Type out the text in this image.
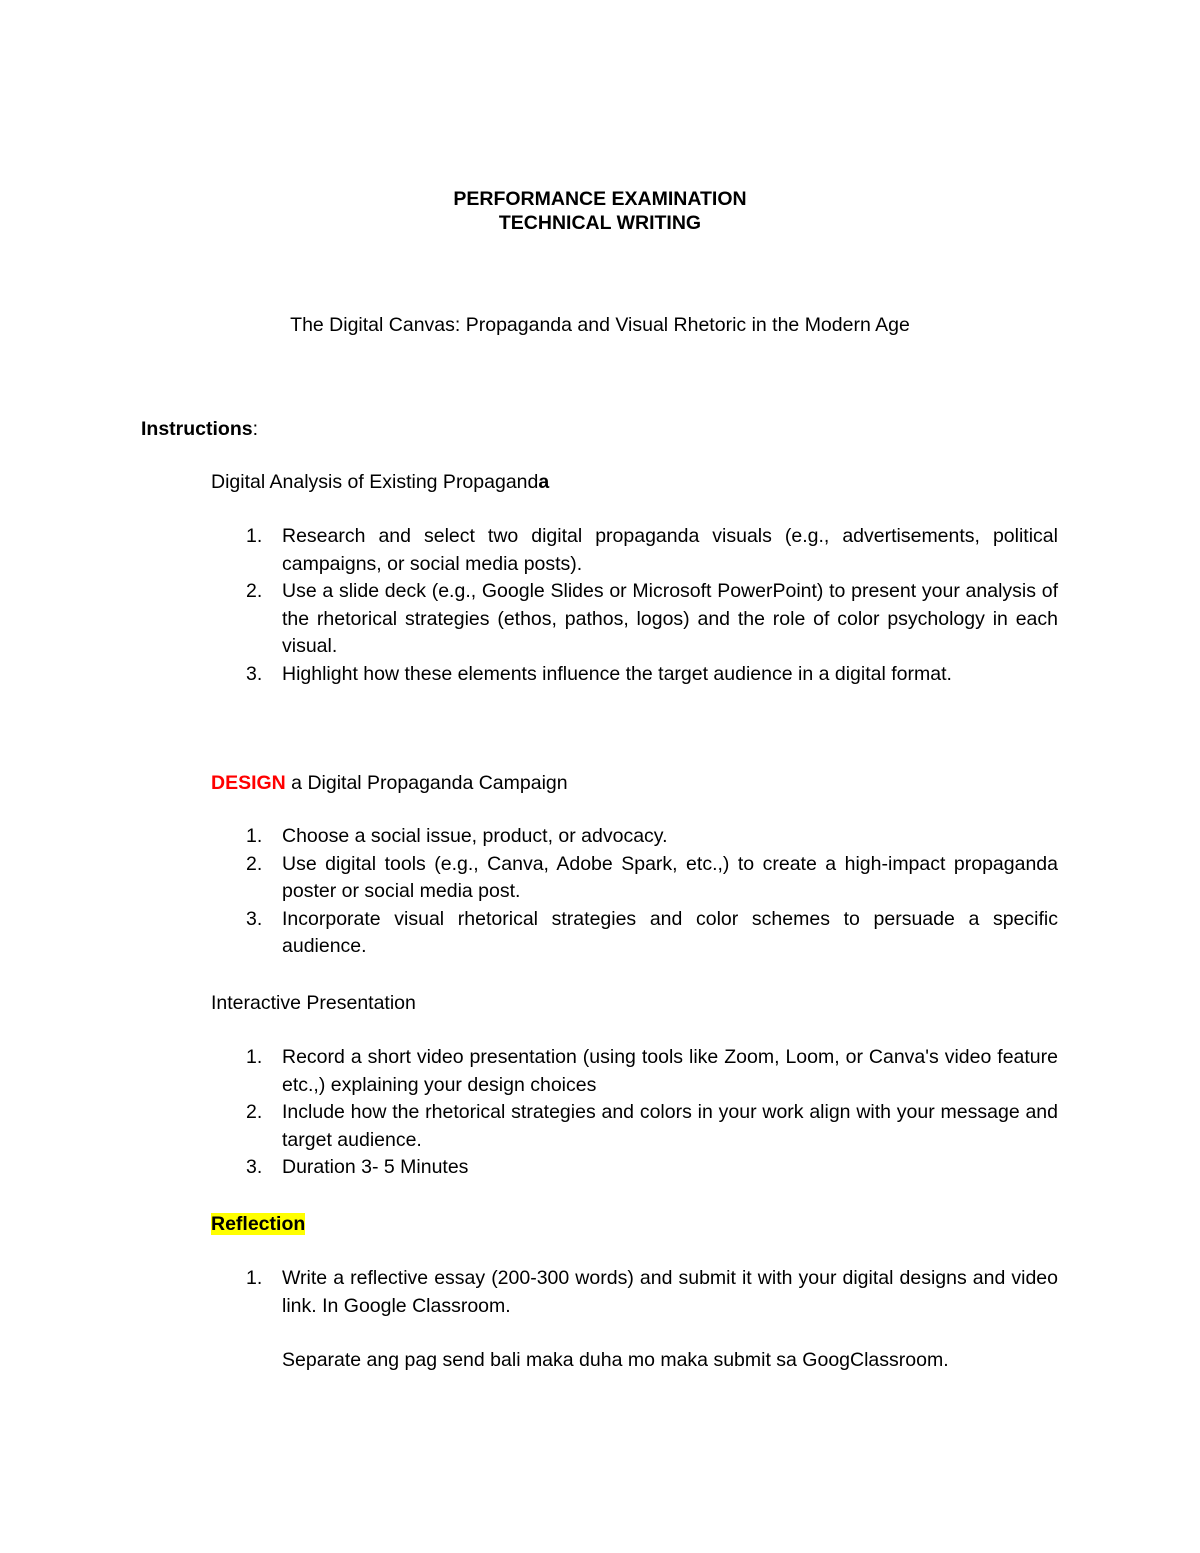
PERFORMANCE EXAMINATION
TECHNICAL WRITING
The Digital Canvas: Propaganda and Visual Rhetoric in the Modern Age
Instructions:
Digital Analysis of Existing Propaganda
1. Research and select two digital propaganda visuals (e.g., advertisements, political campaigns, or social media posts).
2. Use a slide deck (e.g., Google Slides or Microsoft PowerPoint) to present your analysis of the rhetorical strategies (ethos, pathos, logos) and the role of color psychology in each visual.
3. Highlight how these elements influence the target audience in a digital format.
DESIGN a Digital Propaganda Campaign
1. Choose a social issue, product, or advocacy.
2. Use digital tools (e.g., Canva, Adobe Spark, etc.,) to create a high-impact propaganda poster or social media post.
3. Incorporate visual rhetorical strategies and color schemes to persuade a specific audience.
Interactive Presentation
1. Record a short video presentation (using tools like Zoom, Loom, or Canva's video feature etc.,) explaining your design choices
2. Include how the rhetorical strategies and colors in your work align with your message and target audience.
3. Duration 3- 5 Minutes
Reflection
1. Write a reflective essay (200-300 words) and submit it with your digital designs and video link. In Google Classroom.
Separate ang pag send bali maka duha mo maka submit sa GoogClassroom.
